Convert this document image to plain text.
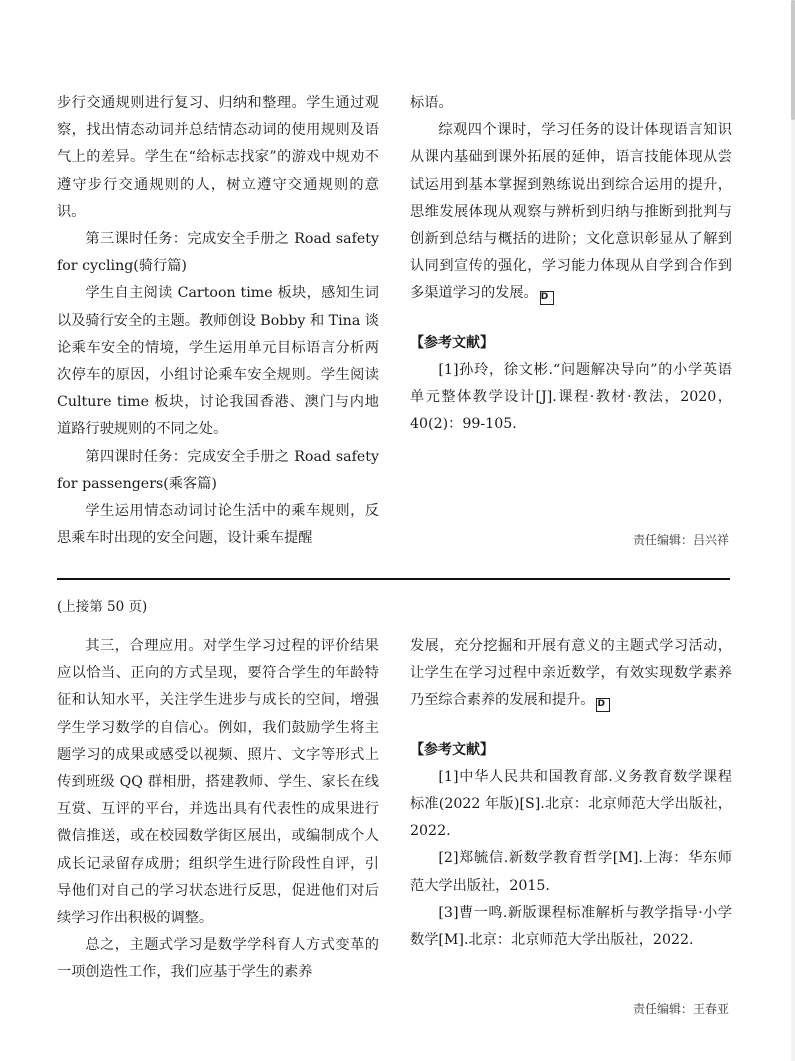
步行交通规则进行复习、归纳和整理。学生通过观察，找出情态动词并总结情态动词的使用规则及语气上的差异。学生在“给标志找家”的游戏中规劝不遵守步行交通规则的人，树立遵守交通规则的意识。

第三课时任务：完成安全手册之 Road safety for cycling(骑行篇)

学生自主阅读 Cartoon time 板块，感知生词以及骑行安全的主题。教师创设 Bobby 和 Tina 谈论乘车安全的情境，学生运用单元目标语言分析两次停车的原因，小组讨论乘车安全规则。学生阅读 Culture time 板块，讨论我国香港、澳门与内地道路行驶规则的不同之处。

第四课时任务：完成安全手册之 Road safety for passengers(乘客篇)

学生运用情态动词讨论生活中的乘车规则，反思乘车时出现的安全问题，设计乘车提醒

标语。

综观四个课时，学习任务的设计体现语言知识从课内基础到课外拓展的延伸，语言技能体现从尝试运用到基本掌握到熟练说出到综合运用的提升，思维发展体现从观察与辨析到归纳与推断到批判与创新到总结与概括的进阶；文化意识彰显从了解到认同到宣传的强化，学习能力体现从自学到合作到多渠道学习的发展。 D

【参考文献】

[1]孙玲，徐文彬.“问题解决导向”的小学英语单元整体教学设计[J].课程·教材·教法，2020，40(2)：99-105.

责任编辑：吕兴祥
(上接第 50 页)

其三，合理应用。对学生学习过程的评价结果应以恰当、正向的方式呈现，要符合学生的年龄特征和认知水平，关注学生进步与成长的空间，增强学生学习数学的自信心。例如，我们鼓励学生将主题学习的成果或感受以视频、照片、文字等形式上传到班级 QQ 群相册，搭建教师、学生、家长在线互赏、互评的平台，并选出具有代表性的成果进行微信推送，或在校园数学街区展出，或编制成个人成长记录留存成册；组织学生进行阶段性自评，引导他们对自己的学习状态进行反思，促进他们对后续学习作出积极的调整。

总之，主题式学习是数学学科育人方式变革的一项创造性工作，我们应基于学生的素养

发展，充分挖掘和开展有意义的主题式学习活动，让学生在学习过程中亲近数学，有效实现数学素养乃至综合素养的发展和提升。 D

【参考文献】

[1]中华人民共和国教育部.义务教育数学课程标准(2022 年版)[S].北京：北京师范大学出版社，2022.

[2]郑毓信.新数学教育哲学[M].上海：华东师范大学出版社，2015.

[3]曹一鸣.新版课程标准解析与教学指导·小学数学[M].北京：北京师范大学出版社，2022.

责任编辑：王春亚
